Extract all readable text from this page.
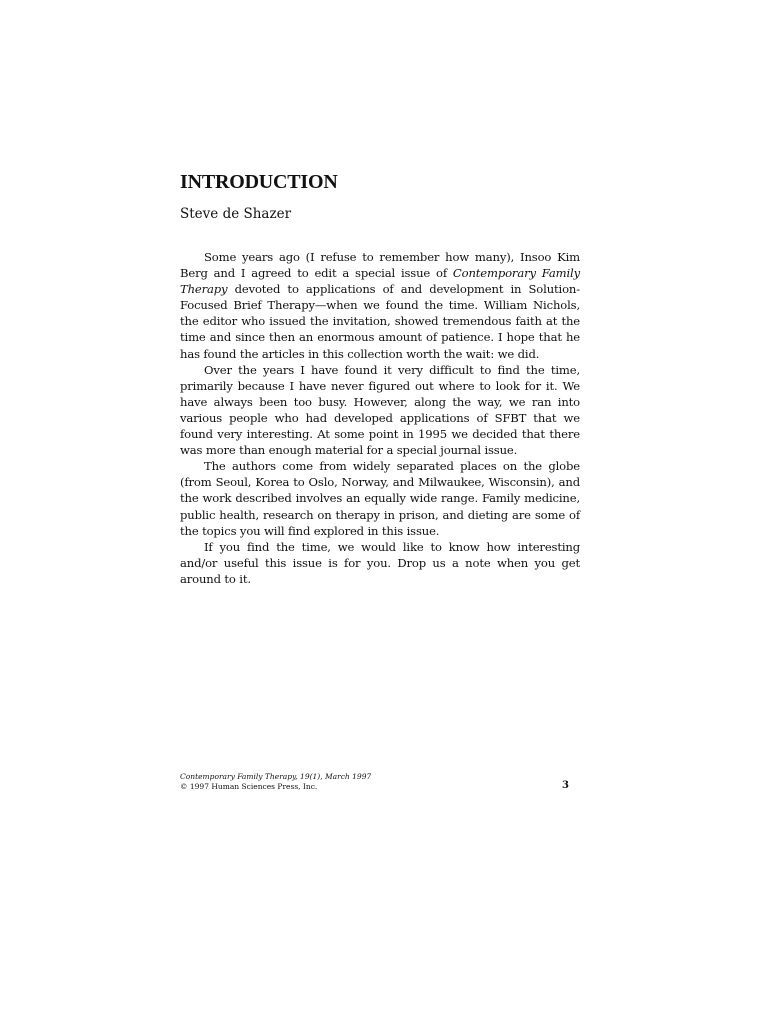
INTRODUCTION
Steve de Shazer

Some years ago (I refuse to remember how many), Insoo Kim Berg and I agreed to edit a special issue of Contemporary Family Therapy devoted to applications of and development in Solution-Focused Brief Therapy—when we found the time. William Nichols, the editor who issued the invitation, showed tremendous faith at the time and since then an enormous amount of patience. I hope that he has found the articles in this collection worth the wait: we did.

Over the years I have found it very difficult to find the time, primarily because I have never figured out where to look for it. We have always been too busy. However, along the way, we ran into various people who had developed applications of SFBT that we found very interesting. At some point in 1995 we decided that there was more than enough material for a special journal issue.

The authors come from widely separated places on the globe (from Seoul, Korea to Oslo, Norway, and Milwaukee, Wisconsin), and the work described involves an equally wide range. Family medicine, public health, research on therapy in prison, and dieting are some of the topics you will find explored in this issue.

If you find the time, we would like to know how interesting and/or useful this issue is for you. Drop us a note when you get around to it.

Contemporary Family Therapy, 19(1), March 1997
© 1997 Human Sciences Press, Inc.	3
